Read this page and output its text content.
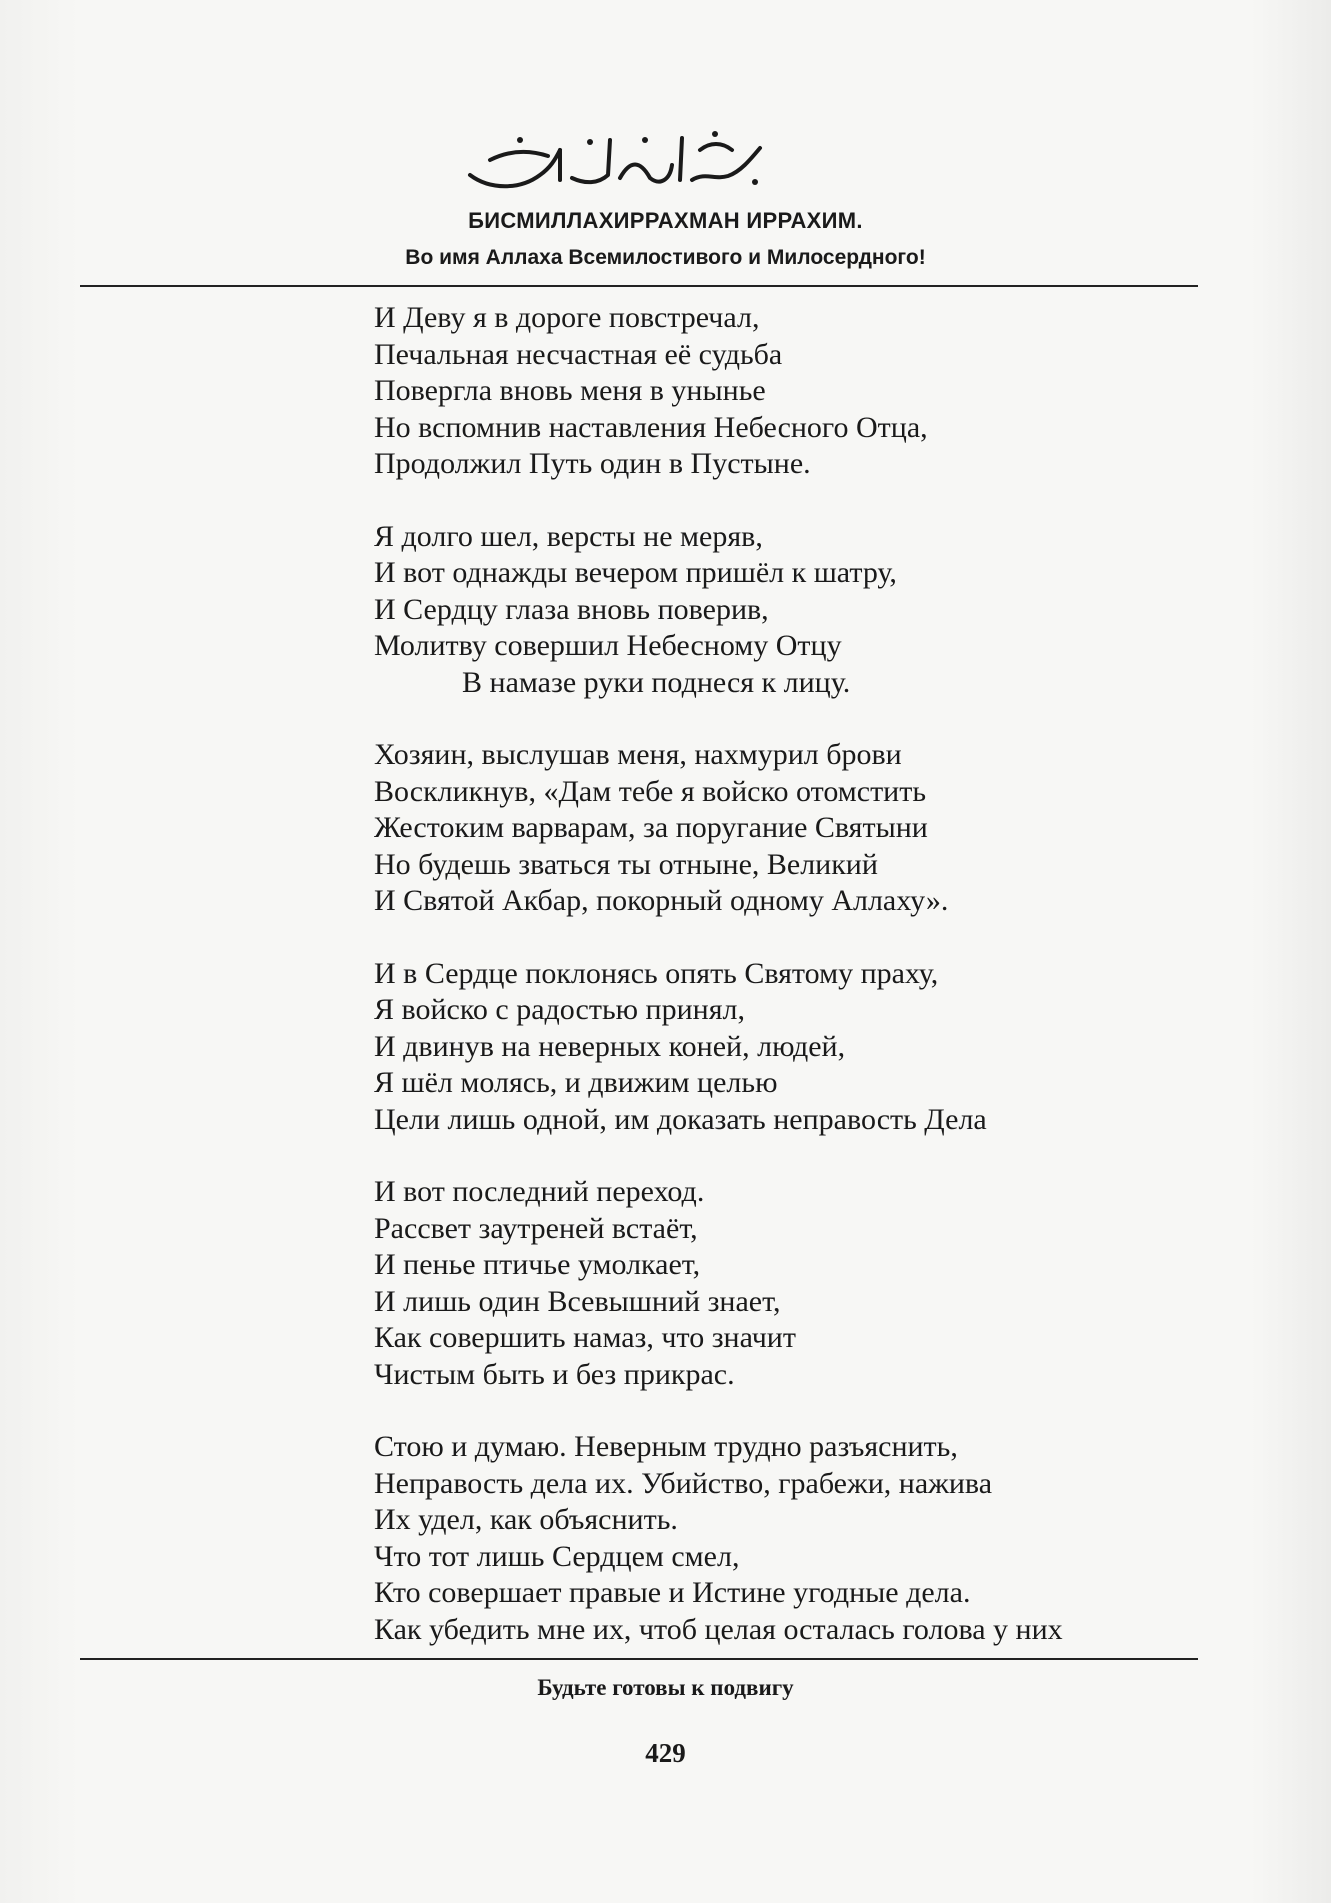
БИСМИЛЛАХИРРАХМАН ИРРАХИМ.
Во имя Аллаха Всемилостивого и Милосердного!
И Деву я в дороге повстречал,
Печальная несчастная её судьба
Повергла вновь меня в унынье
Но вспомнив наставления Небесного Отца,
Продолжил Путь один в Пустыне.
Я долго шел, версты не меряв,
И вот однажды вечером пришёл к шатру,
И Сердцу глаза вновь поверив,
Молитву совершил Небесному Отцу
В намазе руки поднеся к лицу.
Хозяин, выслушав меня, нахмурил брови
Воскликнув, «Дам тебе я войско отомстить
Жестоким варварам, за поругание Святыни
Но будешь зваться ты отныне, Великий
И Святой Акбар, покорный одному Аллаху».
И в Сердце поклонясь опять Святому праху,
Я войско с радостью принял,
И двинув на неверных коней, людей,
Я шёл молясь, и движим целью
Цели лишь одной, им доказать неправость Дела
И вот последний переход.
Рассвет заутреней встаёт,
И пенье птичье умолкает,
И лишь один Всевышний знает,
Как совершить намаз, что значит
Чистым быть и без прикрас.
Стою и думаю. Неверным трудно разъяснить,
Неправость дела их. Убийство, грабежи, нажива
Их удел, как объяснить.
Что тот лишь Сердцем смел,
Кто совершает правые и Истине угодные дела.
Как убедить мне их, чтоб целая осталась голова у них
Будьте готовы к подвигу
429
